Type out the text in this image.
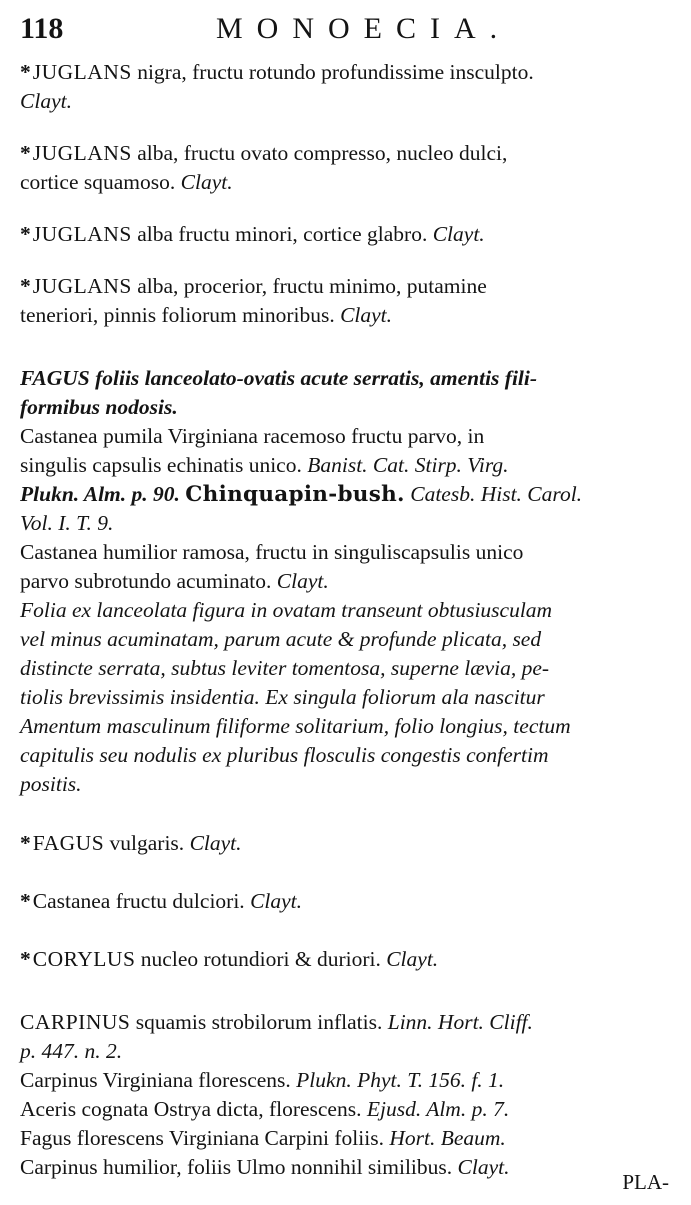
118	MONOECIA.
*JUGLANS nigra, fructu rotundo profundissime insculpto.
Clayt.
*JUGLANS alba, fructu ovato compresso, nucleo dulci,
cortice squamoso. Clayt.
*JUGLANS alba fructu minori, cortice glabro. Clayt.
*JUGLANS alba, procerior, fructu minimo, putamine
teneriori, pinnis foliorum minoribus. Clayt.
FAGUS foliis lanceolato-ovatis acute serratis, amentis fili-
formibus nodosis.
Castanea pumila Virginiana racemoso fructu parvo, in
singulis capsulis echinatis unico. Banist. Cat. Stirp. Virg.
Plukn. Alm. p. 90. Chinquapin-bush. Catesb. Hist. Carol.
Vol. I. T. 9.
Castanea humilior ramosa, fructu in singuliscapsulis unico
parvo subrotundo acuminato. Clayt.
Folia ex lanceolata figura in ovatam transeunt obtusiusculam
vel minus acuminatam, parum acute & profunde plicata, sed
distincte serrata, subtus leviter tomentosa, superne lævia, pe-
tiolis brevissimis insidentia. Ex singula foliorum ala nascitur
Amentum masculinum filiforme solitarium, folio longius, tectum
capitulis seu nodulis ex pluribus flosculis congestis confertim
positis.
*FAGUS vulgaris. Clayt.
*Castanea fructu dulciori. Clayt.
*CORYLUS nucleo rotundiori & duriori. Clayt.
CARPINUS squamis strobilorum inflatis. Linn. Hort. Cliff.
p. 447. n. 2.
Carpinus Virginiana florescens. Plukn. Phyt. T. 156. f. 1.
Aceris cognata Ostrya dicta, florescens. Ejusd. Alm. p. 7.
Fagus florescens Virginiana Carpini foliis. Hort. Beaum.
Carpinus humilior, foliis Ulmo nonnihil similibus. Clayt.
PLA-
